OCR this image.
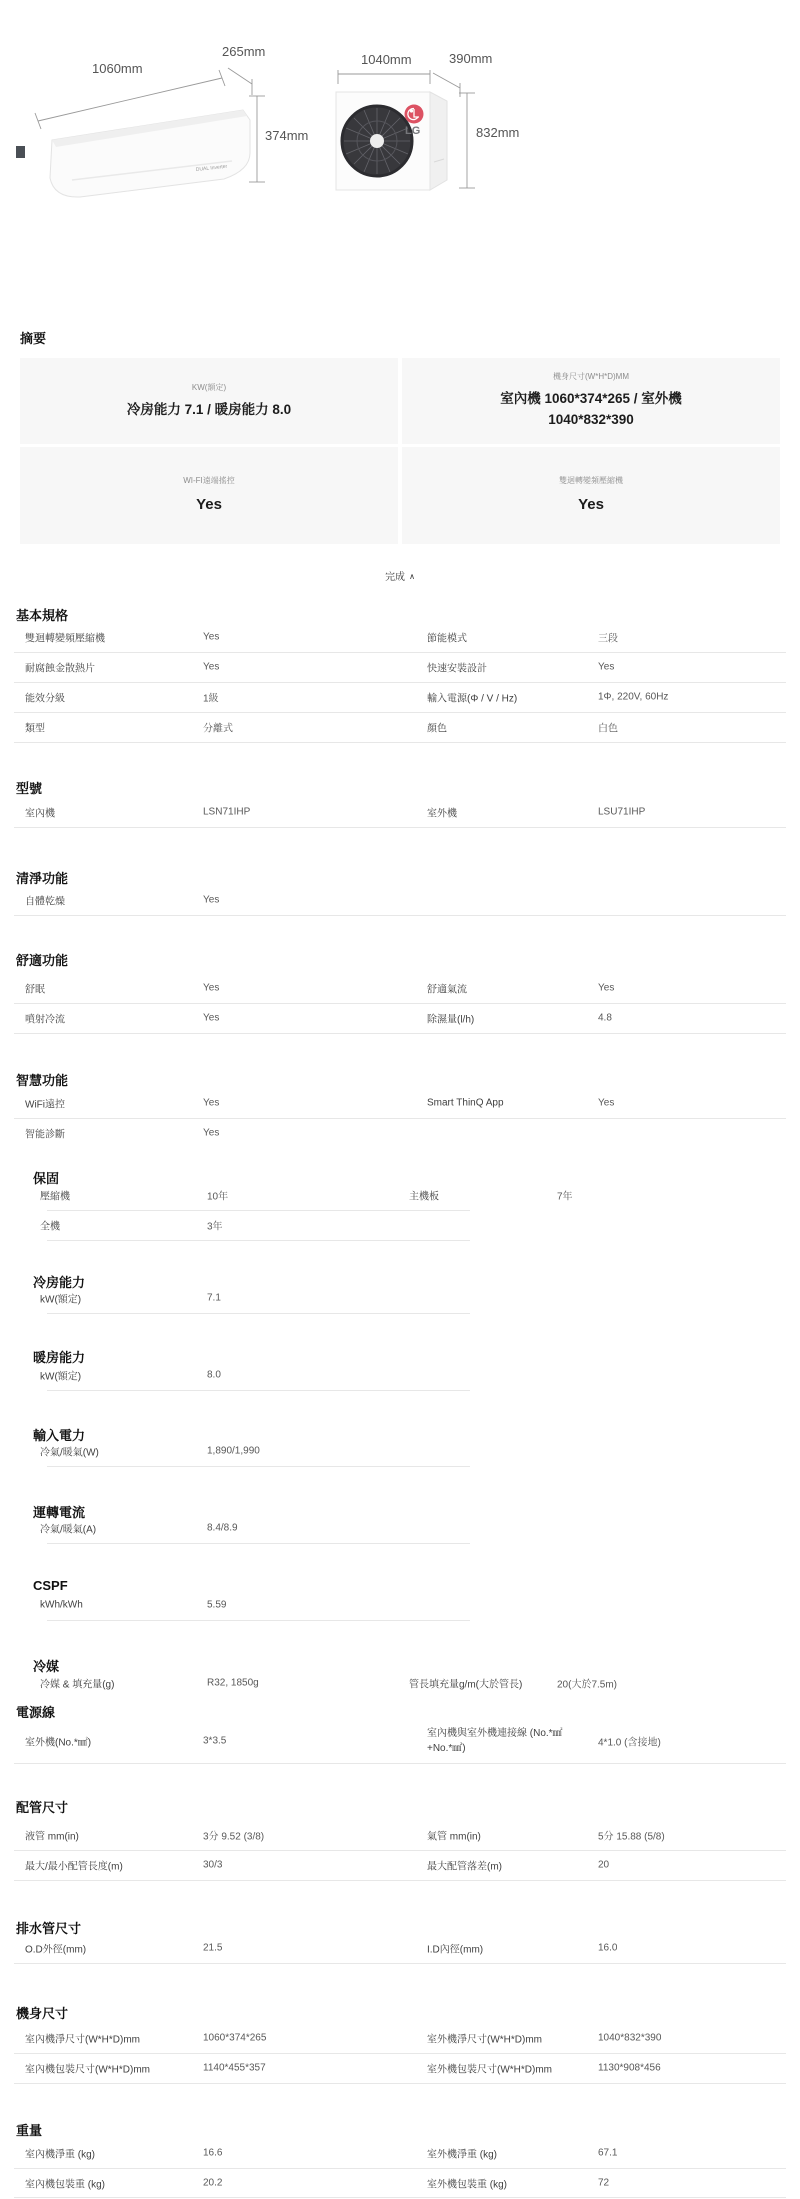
DUAL Inverter
LG
1060mm
265mm
374mm
1040mm	390mm
832mm
摘要
KW(額定)
冷房能力 7.1 / 暖房能力 8.0
機身尺寸(W*H*D)MM
室內機 1060*374*265 / 室外機 1040*832*390
WI-FI遠端搖控
Yes
雙迴轉變頻壓縮機
Yes
完成 ∧
基本規格
雙迴轉變頻壓縮機	Yes	節能模式	三段
耐腐蝕金散熱片	Yes	快速安裝設計	Yes
能效分級	1級	輸入電源(Φ / V / Hz)	1Φ, 220V, 60Hz
類型	分離式	顏色	白色
型號
室內機	LSN71IHP	室外機	LSU71IHP
清淨功能
自體乾燥	Yes
舒適功能
舒眠	Yes	舒適氣流	Yes
噴射冷流	Yes	除濕量(l/h)	4.8
智慧功能
WiFi遠控	Yes	Smart ThinQ App	Yes
智能診斷	Yes
保固
壓縮機	10年	主機板	7年
全機	3年
冷房能力
kW(額定)	7.1
暖房能力
kW(額定)	8.0
輸入電力
冷氣/暖氣(W)	1,890/1,990
運轉電流
冷氣/暖氣(A)	8.4/8.9
CSPF
kWh/kWh	5.59
冷媒
冷媒 & 填充量(g)	R32, 1850g	管長填充量g/m(大於管長)	20(大於7.5m)
電源線
室外機(No.*㎟)	3*3.5
室內機與室外機連接線 (No.*㎟+No.*㎟)	4*1.0 (含接地)
配管尺寸
液管 mm(in)	3分 9.52 (3/8)	氣管 mm(in)	5分 15.88 (5/8)
最大/最小配管長度(m)	30/3	最大配管落差(m)	20
排水管尺寸
O.D外徑(mm)	21.5	I.D內徑(mm)	16.0
機身尺寸
室內機淨尺寸(W*H*D)mm	1060*374*265	室外機淨尺寸(W*H*D)mm	1040*832*390
室內機包裝尺寸(W*H*D)mm	1140*455*357	室外機包裝尺寸(W*H*D)mm	1130*908*456
重量
室內機淨重 (kg)	16.6	室外機淨重 (kg)	67.1
室內機包裝重 (kg)	20.2	室外機包裝重 (kg)	72
